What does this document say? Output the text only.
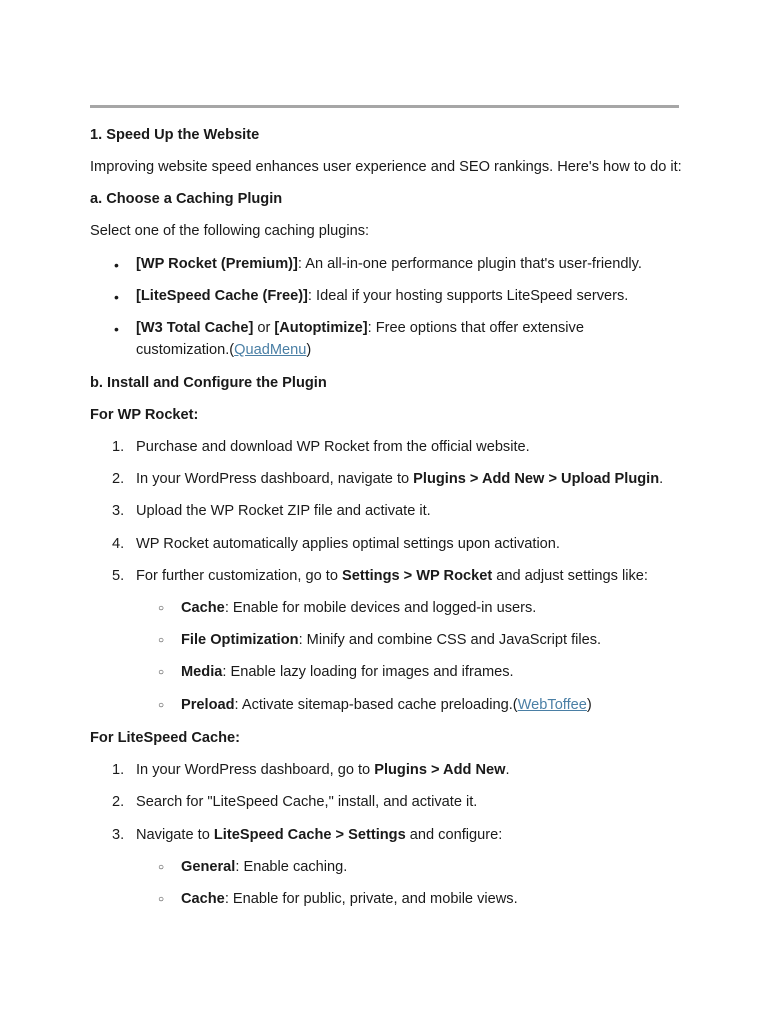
1. Speed Up the Website
Improving website speed enhances user experience and SEO rankings. Here's how to do it:
a. Choose a Caching Plugin
Select one of the following caching plugins:
• [WP Rocket (Premium)]: An all-in-one performance plugin that's user-friendly.
• [LiteSpeed Cache (Free)]: Ideal if your hosting supports LiteSpeed servers.
• [W3 Total Cache] or [Autoptimize]: Free options that offer extensive
customization.(QuadMenu)
b. Install and Configure the Plugin
For WP Rocket:
1. Purchase and download WP Rocket from the official website.
2. In your WordPress dashboard, navigate to Plugins > Add New > Upload Plugin.
3. Upload the WP Rocket ZIP file and activate it.
4. WP Rocket automatically applies optimal settings upon activation.
5. For further customization, go to Settings > WP Rocket and adjust settings like:
○ Cache: Enable for mobile devices and logged-in users.
○ File Optimization: Minify and combine CSS and JavaScript files.
○ Media: Enable lazy loading for images and iframes.
○ Preload: Activate sitemap-based cache preloading.(WebToffee)
For LiteSpeed Cache:
1. In your WordPress dashboard, go to Plugins > Add New.
2. Search for "LiteSpeed Cache," install, and activate it.
3. Navigate to LiteSpeed Cache > Settings and configure:
○ General: Enable caching.
○ Cache: Enable for public, private, and mobile views.
